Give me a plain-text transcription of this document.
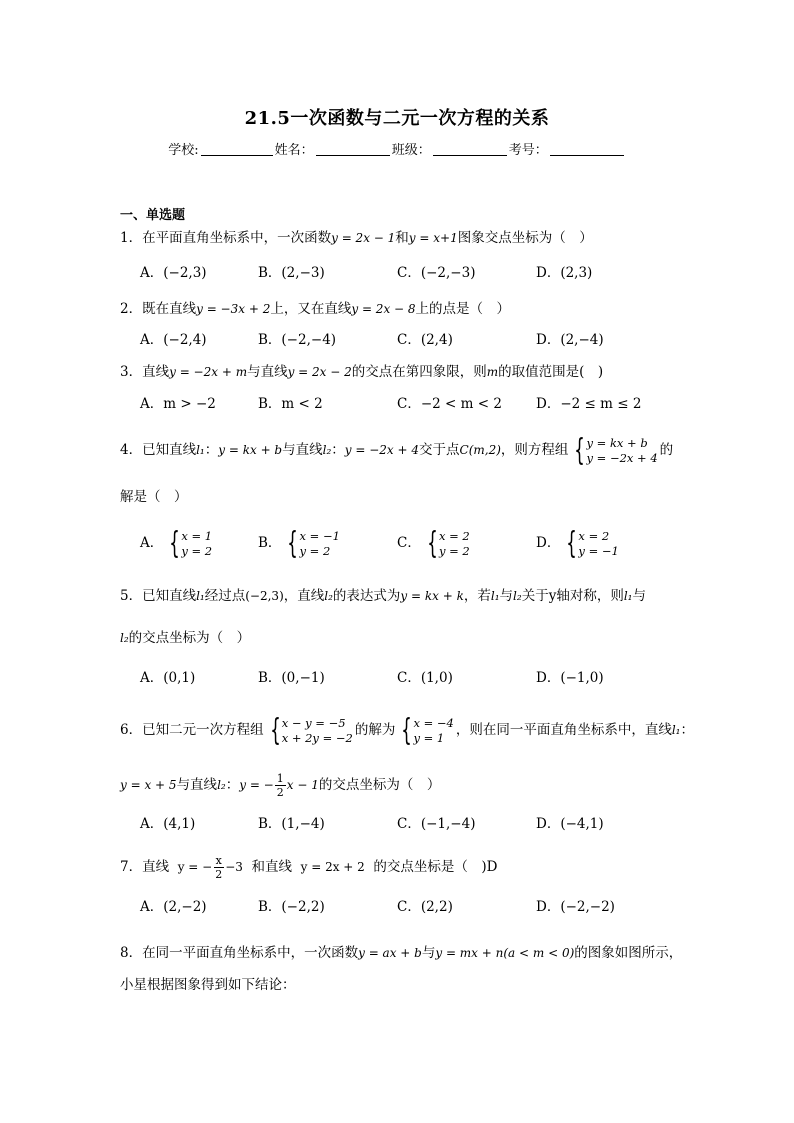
21.5一次函数与二元一次方程的关系
学校:	姓名：	班级：	考号：
一、单选题
1．在平面直角坐标系中，一次函数y = 2x − 1和y = x+1图象交点坐标为（　）
A．(−2,3)	B．(2,−3)	C．(−2,−3)	D．(2,3)
2．既在直线y = −3x + 2上，又在直线y = 2x − 8上的点是（　）
A．(−2,4)	B．(−2,−4)	C．(2,4)	D．(2,−4)
3．直线y = −2x + m与直线y = 2x − 2的交点在第四象限，则m的取值范围是(　)
A．m > −2	B．m < 2	C．−2 < m < 2	D．−2 ≤ m ≤ 2
4．已知直线l₁：y = kx + b与直线l₂：y = −2x + 4交于点C(m,2)，则方程组 { y = kx + b
y = −2x + 4 的
解是（　）
A． { x = 1
y = 2	B． { x = −1
y = 2	C． { x = 2
y = 2	D． { x = 2
y = −1
5．已知直线l₁经过点(−2,3)，直线l₂的表达式为y = kx + k，若l₁与l₂关于y轴对称，则l₁与
l₂的交点坐标为（　）
A．(0,1)	B．(0,−1)	C．(1,0)	D．(−1,0)
6．已知二元一次方程组 { x − y = −5
x + 2y = −2 的解为 { x = −4
y = 1 ，则在同一平面直角坐标系中，直线l₁：
y = x + 5与直线l₂：y = − $\frac{1}{2}$ x − 1的交点坐标为（　）
A．(4,1)	B．(1,−4)	C．(−1,−4)	D．(−4,1)
7．直线 y = − $\frac{x}{2} -3$ 和直线 y = 2x + 2 的交点坐标是（　)D
A．(2,−2)	B．(−2,2)	C．(2,2)	D．(−2,−2)
8．在同一平面直角坐标系中，一次函数y = ax + b与y = mx + n(a < m < 0)的图象如图所示，
小星根据图象得到如下结论：
